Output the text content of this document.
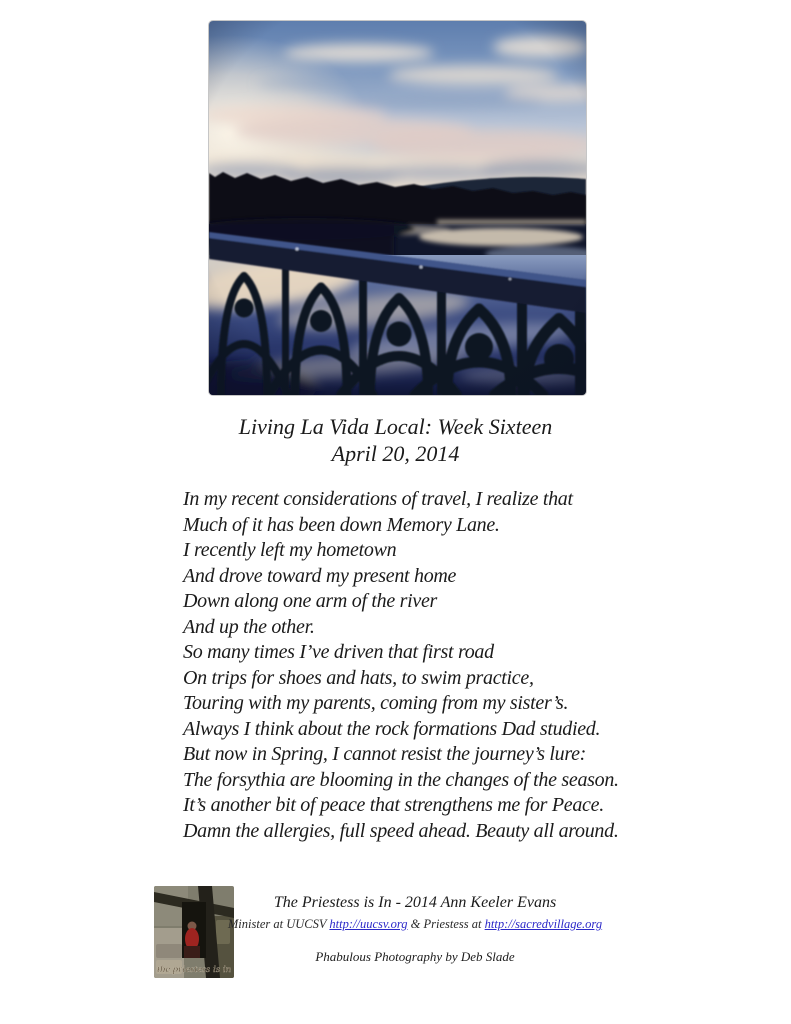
Living La Vida Local: Week Sixteen
April 20, 2014
In my recent considerations of travel, I realize that
Much of it has been down Memory Lane.
I recently left my hometown
And drove toward my present home
Down along one arm of the river
And up the other.
So many times I’ve driven that first road
On trips for shoes and hats, to swim practice,
Touring with my parents, coming from my sister’s.
Always I think about the rock formations Dad studied.
But now in Spring, I cannot resist the journey’s lure:
The forsythia are blooming in the changes of the season.
It’s another bit of peace that strengthens me for Peace.
Damn the allergies, full speed ahead. Beauty all around.
the priestess is in
The Priestess is In - 2014 Ann Keeler Evans
Minister at UUCSV http://uucsv.org & Priestess at http://sacredvillage.org
Phabulous Photography by Deb Slade
